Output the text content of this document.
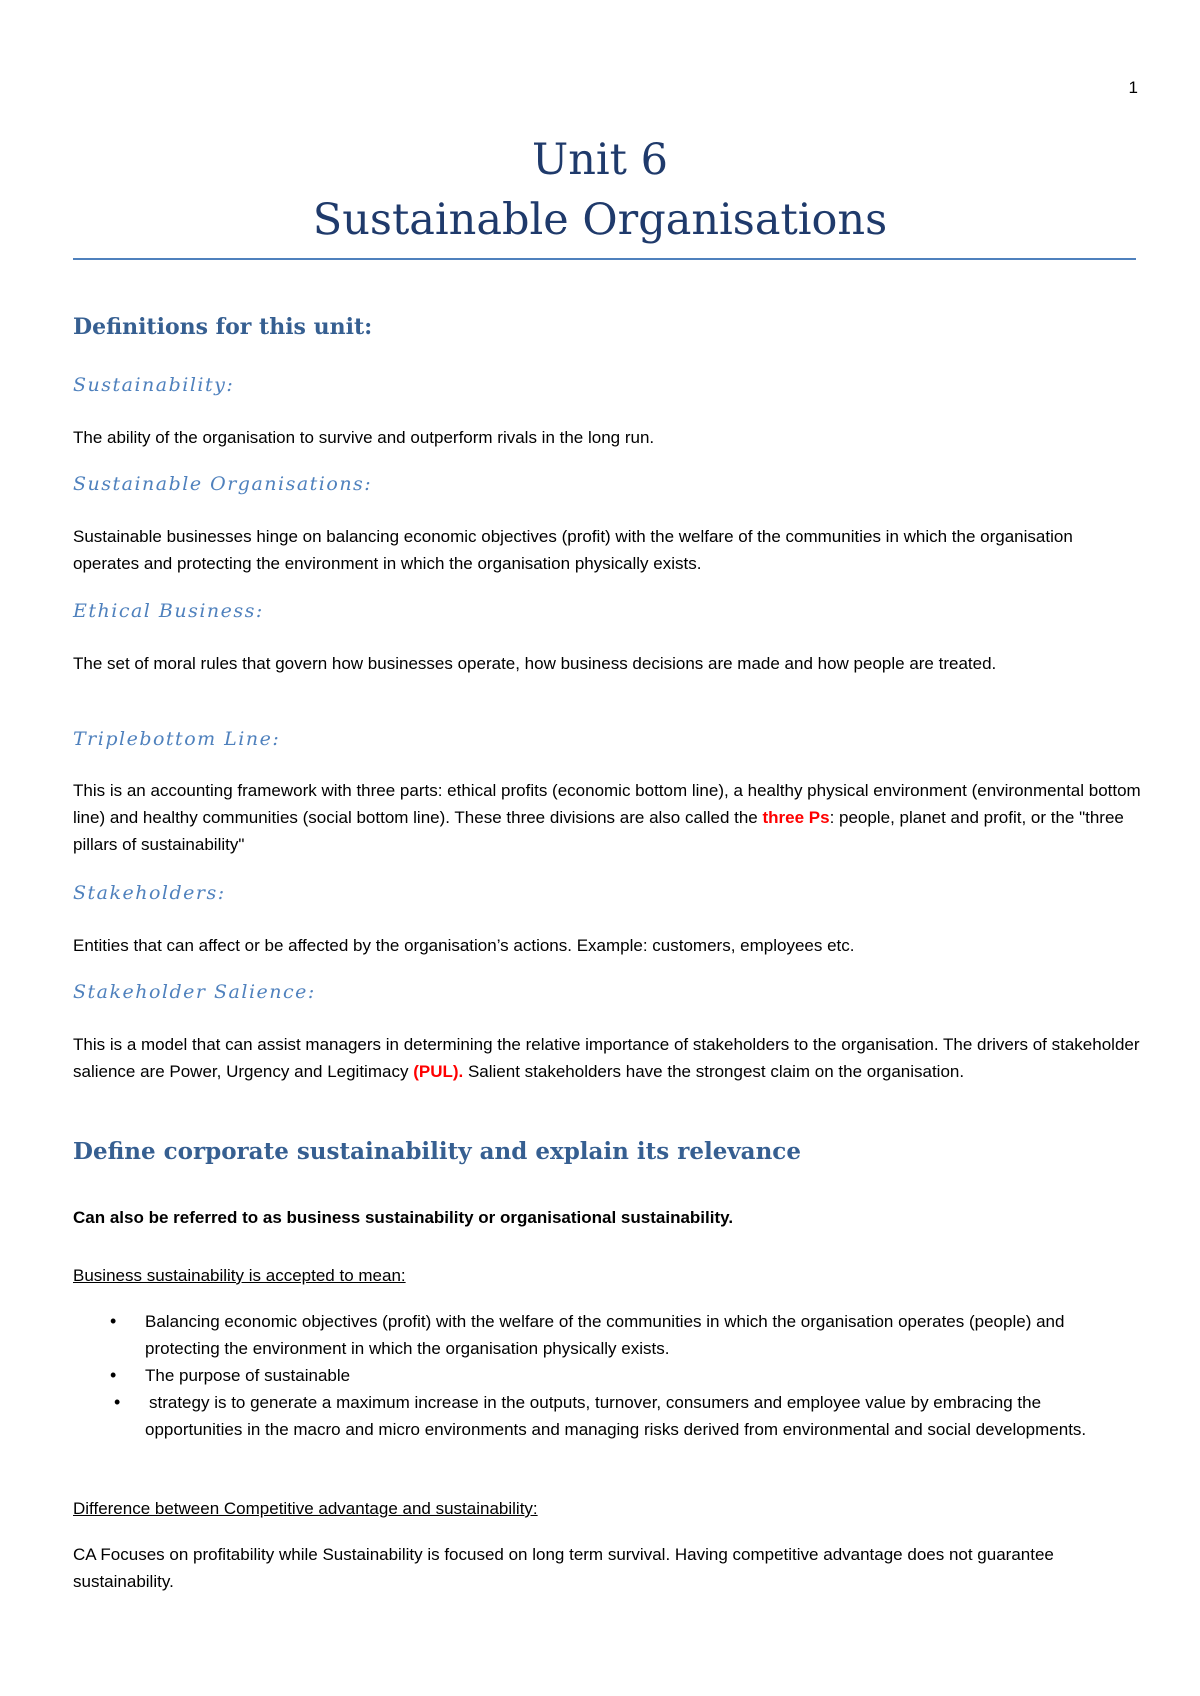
1
Unit 6
Sustainable Organisations
Definitions for this unit:
Sustainability:
The ability of the organisation to survive and outperform rivals in the long run.
Sustainable Organisations:
Sustainable businesses hinge on balancing economic objectives (profit) with the welfare of the communities in which the organisation operates and protecting the environment in which the organisation physically exists.
Ethical Business:
The set of moral rules that govern how businesses operate, how business decisions are made and how people are treated.
Triplebottom Line:
This is an accounting framework with three parts: ethical profits (economic bottom line), a healthy physical environment (environmental bottom line) and healthy communities (social bottom line). These three divisions are also called the three Ps: people, planet and profit, or the "three pillars of sustainability"
Stakeholders:
Entities that can affect or be affected by the organisation’s actions. Example: customers, employees etc.
Stakeholder Salience:
This is a model that can assist managers in determining the relative importance of stakeholders to the organisation. The drivers of stakeholder salience are Power, Urgency and Legitimacy (PUL). Salient stakeholders have the strongest claim on the organisation.
Define corporate sustainability and explain its relevance
Can also be referred to as business sustainability or organisational sustainability.
Business sustainability is accepted to mean:
• Balancing economic objectives (profit) with the welfare of the communities in which the organisation operates (people) and protecting the environment in which the organisation physically exists.
• The purpose of sustainable
• strategy is to generate a maximum increase in the outputs, turnover, consumers and employee value by embracing the opportunities in the macro and micro environments and managing risks derived from environmental and social developments.
Difference between Competitive advantage and sustainability:
CA Focuses on profitability while Sustainability is focused on long term survival. Having competitive advantage does not guarantee sustainability.
